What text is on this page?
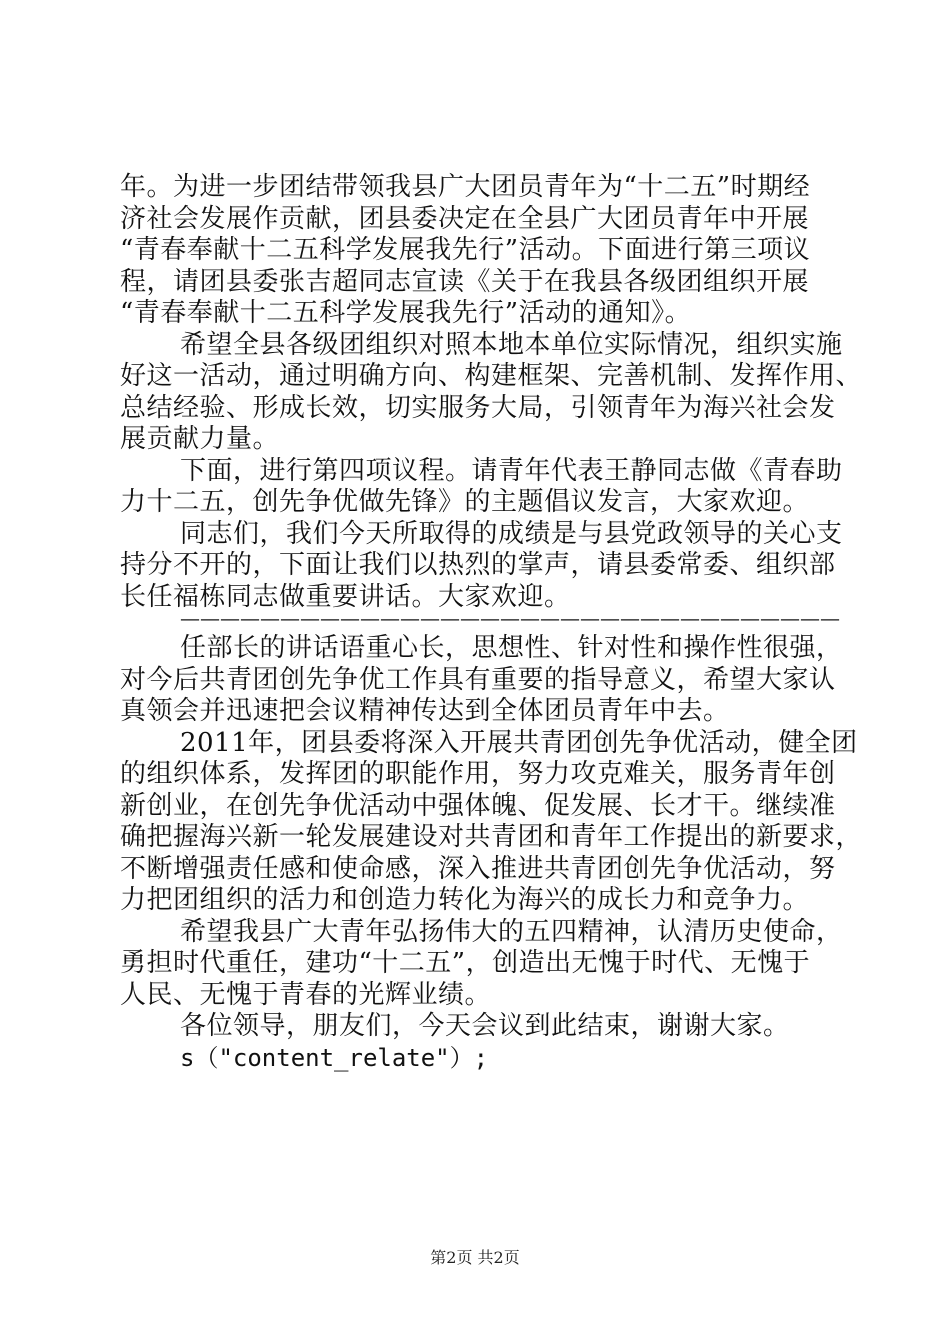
年。为进一步团结带领我县广大团员青年为“十二五”时期经
济社会发展作贡献，团县委决定在全县广大团员青年中开展
“青春奉献十二五科学发展我先行”活动。下面进行第三项议
程，请团县委张吉超同志宣读《关于在我县各级团组织开展
“青春奉献十二五科学发展我先行”活动的通知》。
希望全县各级团组织对照本地本单位实际情况，组织实施
好这一活动，通过明确方向、构建框架、完善机制、发挥作用、
总结经验、形成长效，切实服务大局，引领青年为海兴社会发
展贡献力量。
下面，进行第四项议程。请青年代表王静同志做《青春助
力十二五，创先争优做先锋》的主题倡议发言，大家欢迎。
同志们，我们今天所取得的成绩是与县党政领导的关心支
持分不开的，下面让我们以热烈的掌声，请县委常委、组织部
长任福栋同志做重要讲话。大家欢迎。
—————————————————————————————————
任部长的讲话语重心长，思想性、针对性和操作性很强，
对今后共青团创先争优工作具有重要的指导意义，希望大家认
真领会并迅速把会议精神传达到全体团员青年中去。
2011年，团县委将深入开展共青团创先争优活动，健全团
的组织体系，发挥团的职能作用，努力攻克难关，服务青年创
新创业，在创先争优活动中强体魄、促发展、长才干。继续准
确把握海兴新一轮发展建设对共青团和青年工作提出的新要求，
不断增强责任感和使命感，深入推进共青团创先争优活动，努
力把团组织的活力和创造力转化为海兴的成长力和竞争力。
希望我县广大青年弘扬伟大的五四精神，认清历史使命，
勇担时代重任，建功“十二五”，创造出无愧于时代、无愧于
人民、无愧于青春的光辉业绩。
各位领导，朋友们，今天会议到此结束，谢谢大家。
s（"content_relate"）;
第2页 共2页
